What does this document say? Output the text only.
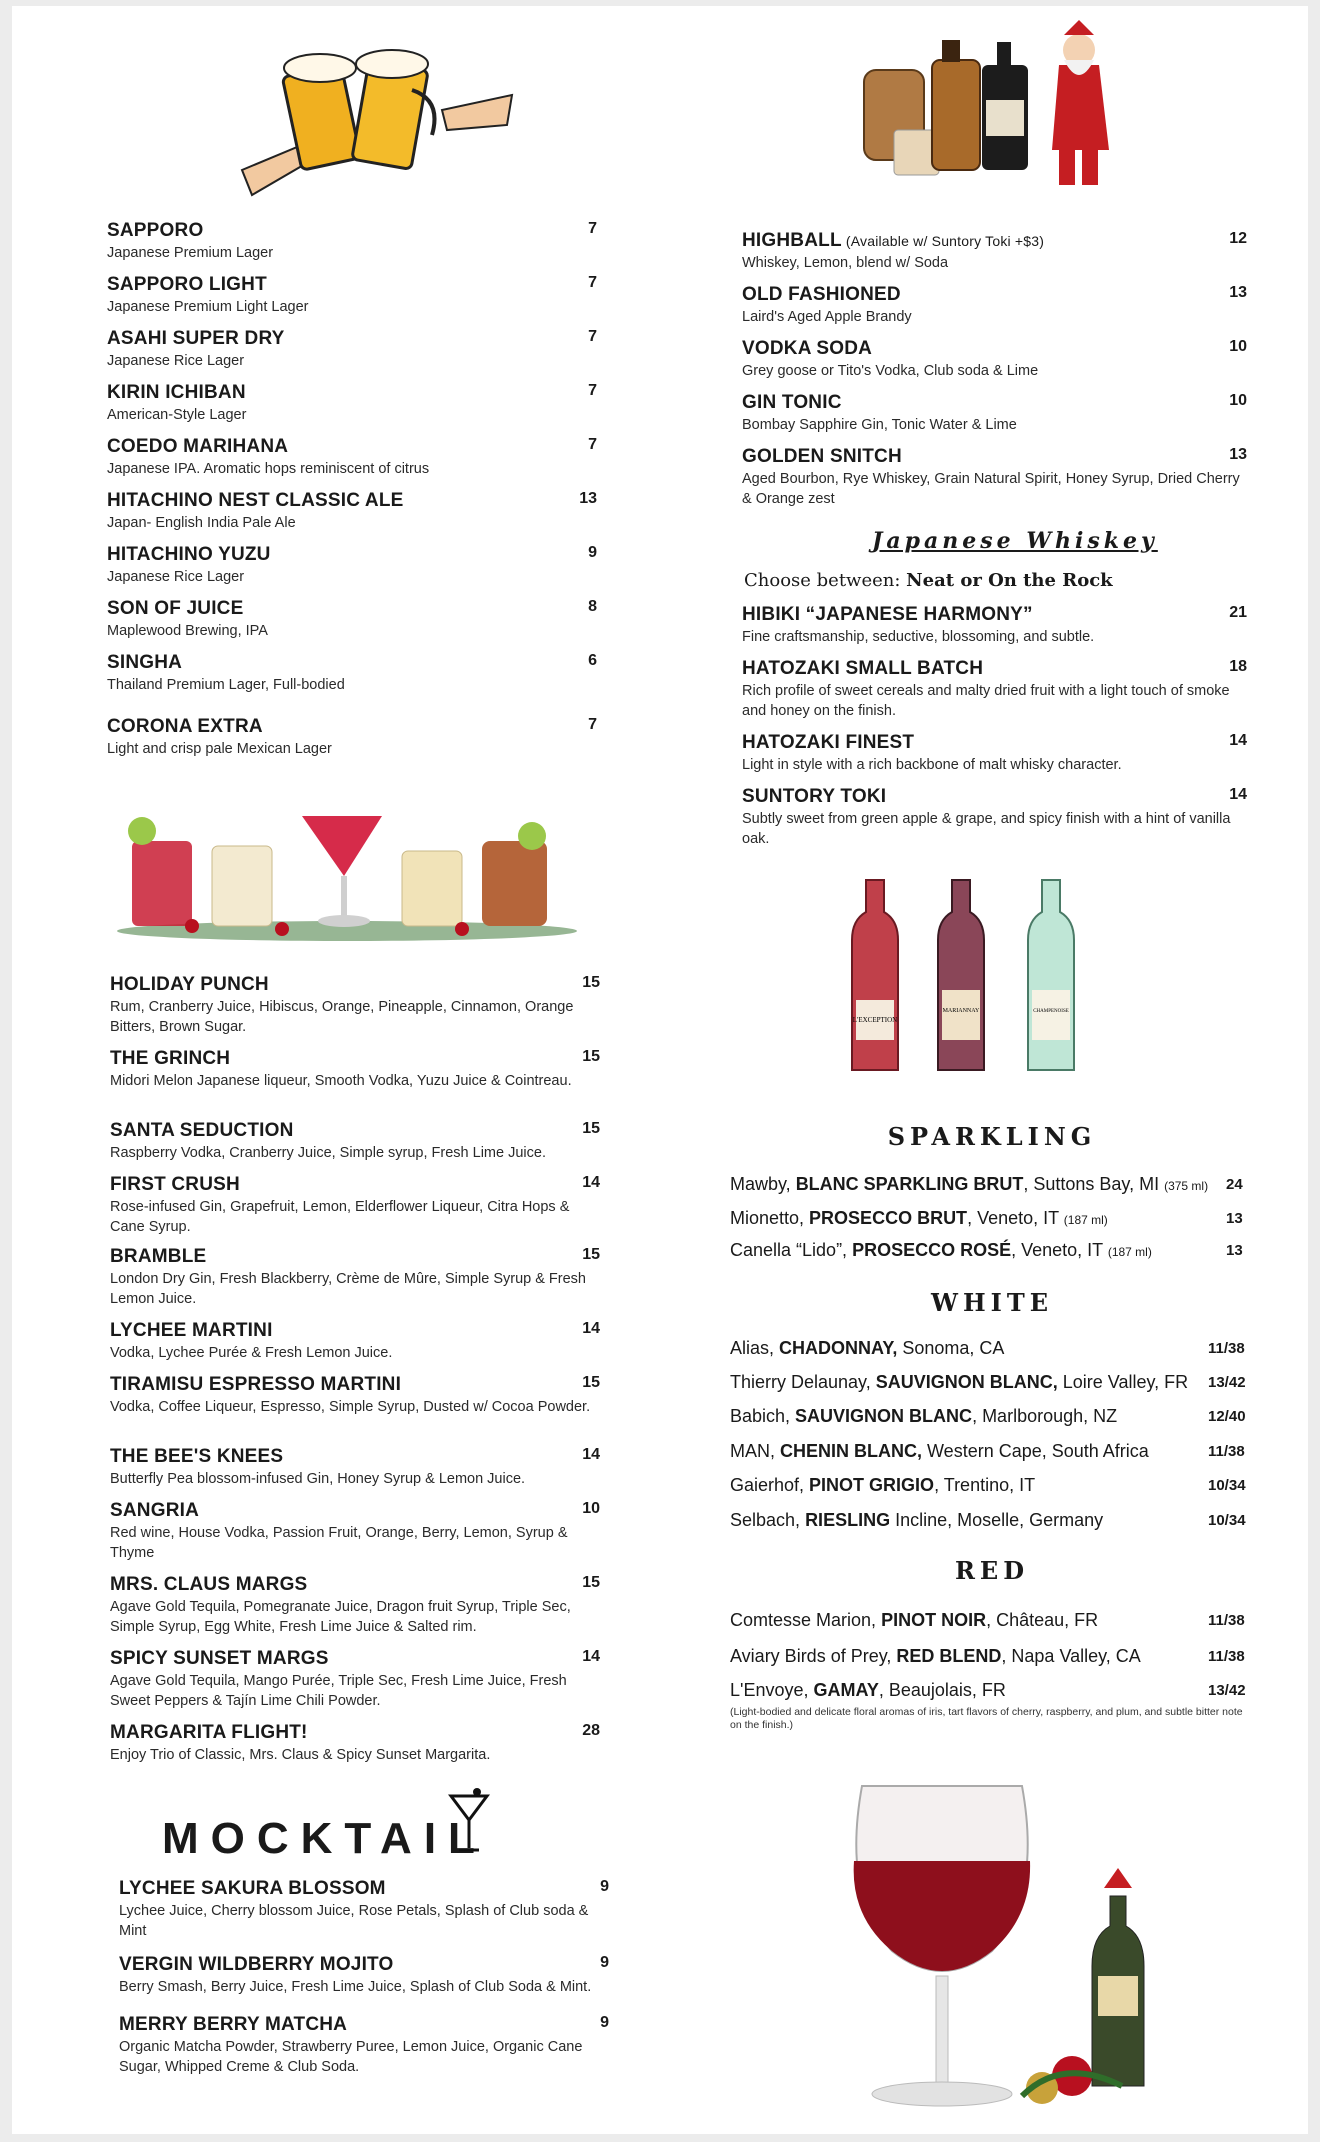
SAPPORO	7
Japanese Premium Lager
SAPPORO LIGHT	7
Japanese Premium Light Lager
ASAHI SUPER DRY	7
Japanese Rice Lager
KIRIN ICHIBAN	7
American-Style Lager
COEDO MARIHANA	7
Japanese IPA. Aromatic hops reminiscent of citrus
HITACHINO NEST CLASSIC ALE	13
Japan- English India Pale Ale
HITACHINO YUZU	9
Japanese Rice Lager
SON OF JUICE	8
Maplewood Brewing, IPA
SINGHA	6
Thailand Premium Lager, Full-bodied
CORONA EXTRA	7
Light and crisp pale Mexican Lager
HOLIDAY PUNCH	15
Rum, Cranberry Juice, Hibiscus, Orange, Pineapple, Cinnamon, Orange Bitters, Brown Sugar.
THE GRINCH	15
Midori Melon Japanese liqueur, Smooth Vodka, Yuzu Juice & Cointreau.
SANTA SEDUCTION	15
Raspberry Vodka, Cranberry Juice, Simple syrup, Fresh Lime Juice.
FIRST CRUSH	14
Rose-infused Gin, Grapefruit, Lemon, Elderflower Liqueur, Citra Hops & Cane Syrup.
BRAMBLE	15
London Dry Gin, Fresh Blackberry, Crème de Mûre, Simple Syrup & Fresh Lemon Juice.
LYCHEE MARTINI	14
Vodka, Lychee Purée & Fresh Lemon Juice.
TIRAMISU ESPRESSO MARTINI	15
Vodka, Coffee Liqueur, Espresso, Simple Syrup, Dusted w/ Cocoa Powder.
THE BEE'S KNEES	14
Butterfly Pea blossom-infused Gin, Honey Syrup & Lemon Juice.
SANGRIA	10
Red wine, House Vodka, Passion Fruit, Orange, Berry, Lemon, Syrup & Thyme
MRS. CLAUS MARGS	15
Agave Gold Tequila, Pomegranate Juice, Dragon fruit Syrup, Triple Sec, Simple Syrup, Egg White, Fresh Lime Juice & Salted rim.
SPICY SUNSET MARGS	14
Agave Gold Tequila, Mango Purée, Triple Sec, Fresh Lime Juice, Fresh Sweet Peppers & Tajín Lime Chili Powder.
MARGARITA FLIGHT!	28
Enjoy Trio of Classic, Mrs. Claus & Spicy Sunset Margarita.
MOCKTAIL
LYCHEE SAKURA BLOSSOM	9
Lychee Juice, Cherry blossom Juice, Rose Petals, Splash of Club soda & Mint
VERGIN WILDBERRY MOJITO	9
Berry Smash, Berry Juice, Fresh Lime Juice, Splash of Club Soda & Mint.
MERRY BERRY MATCHA	9
Organic Matcha Powder, Strawberry Puree, Lemon Juice, Organic Cane Sugar, Whipped Creme & Club Soda.
HIGHBALL (Available w/ Suntory Toki +$3)	12
Whiskey, Lemon, blend w/ Soda
OLD FASHIONED	13
Laird's Aged Apple Brandy
VODKA SODA	10
Grey goose or Tito's Vodka, Club soda & Lime
GIN TONIC	10
Bombay Sapphire Gin, Tonic Water & Lime
GOLDEN SNITCH	13
Aged Bourbon, Rye Whiskey, Grain Natural Spirit, Honey Syrup, Dried Cherry & Orange zest
Japanese Whiskey
Choose between: Neat or On the Rock
HIBIKI “JAPANESE HARMONY”	21
Fine craftsmanship, seductive, blossoming, and subtle.
HATOZAKI SMALL BATCH	18
Rich profile of sweet cereals and malty dried fruit with a light touch of smoke and honey on the finish.
HATOZAKI FINEST	14
Light in style with a rich backbone of malt whisky character.
SUNTORY TOKI	14
Subtly sweet from green apple & grape, and spicy finish with a hint of vanilla oak.
L'EXCEPTION
MARIANNAY	CHAMPENOISE
SPARKLING
Mawby, BLANC SPARKLING BRUT, Suttons Bay, MI (375 ml) 24
Mionetto, PROSECCO BRUT, Veneto, IT (187 ml)	13
Canella “Lido”, PROSECCO ROSÉ, Veneto, IT (187 ml)	13
WHITE
Alias, CHADONNAY, Sonoma, CA	11/38
Thierry Delaunay, SAUVIGNON BLANC, Loire Valley, FR 13/42
Babich, SAUVIGNON BLANC, Marlborough, NZ	12/40
MAN, CHENIN BLANC, Western Cape, South Africa	11/38
Gaierhof, PINOT GRIGIO, Trentino, IT	10/34
Selbach, RIESLING Incline, Moselle, Germany	10/34
RED
Comtesse Marion, PINOT NOIR, Château, FR	11/38
Aviary Birds of Prey, RED BLEND, Napa Valley, CA	11/38
L'Envoye, GAMAY, Beaujolais, FR	13/42
(Light-bodied and delicate floral aromas of iris, tart flavors of cherry, raspberry, and plum, and subtle bitter note on the finish.)
